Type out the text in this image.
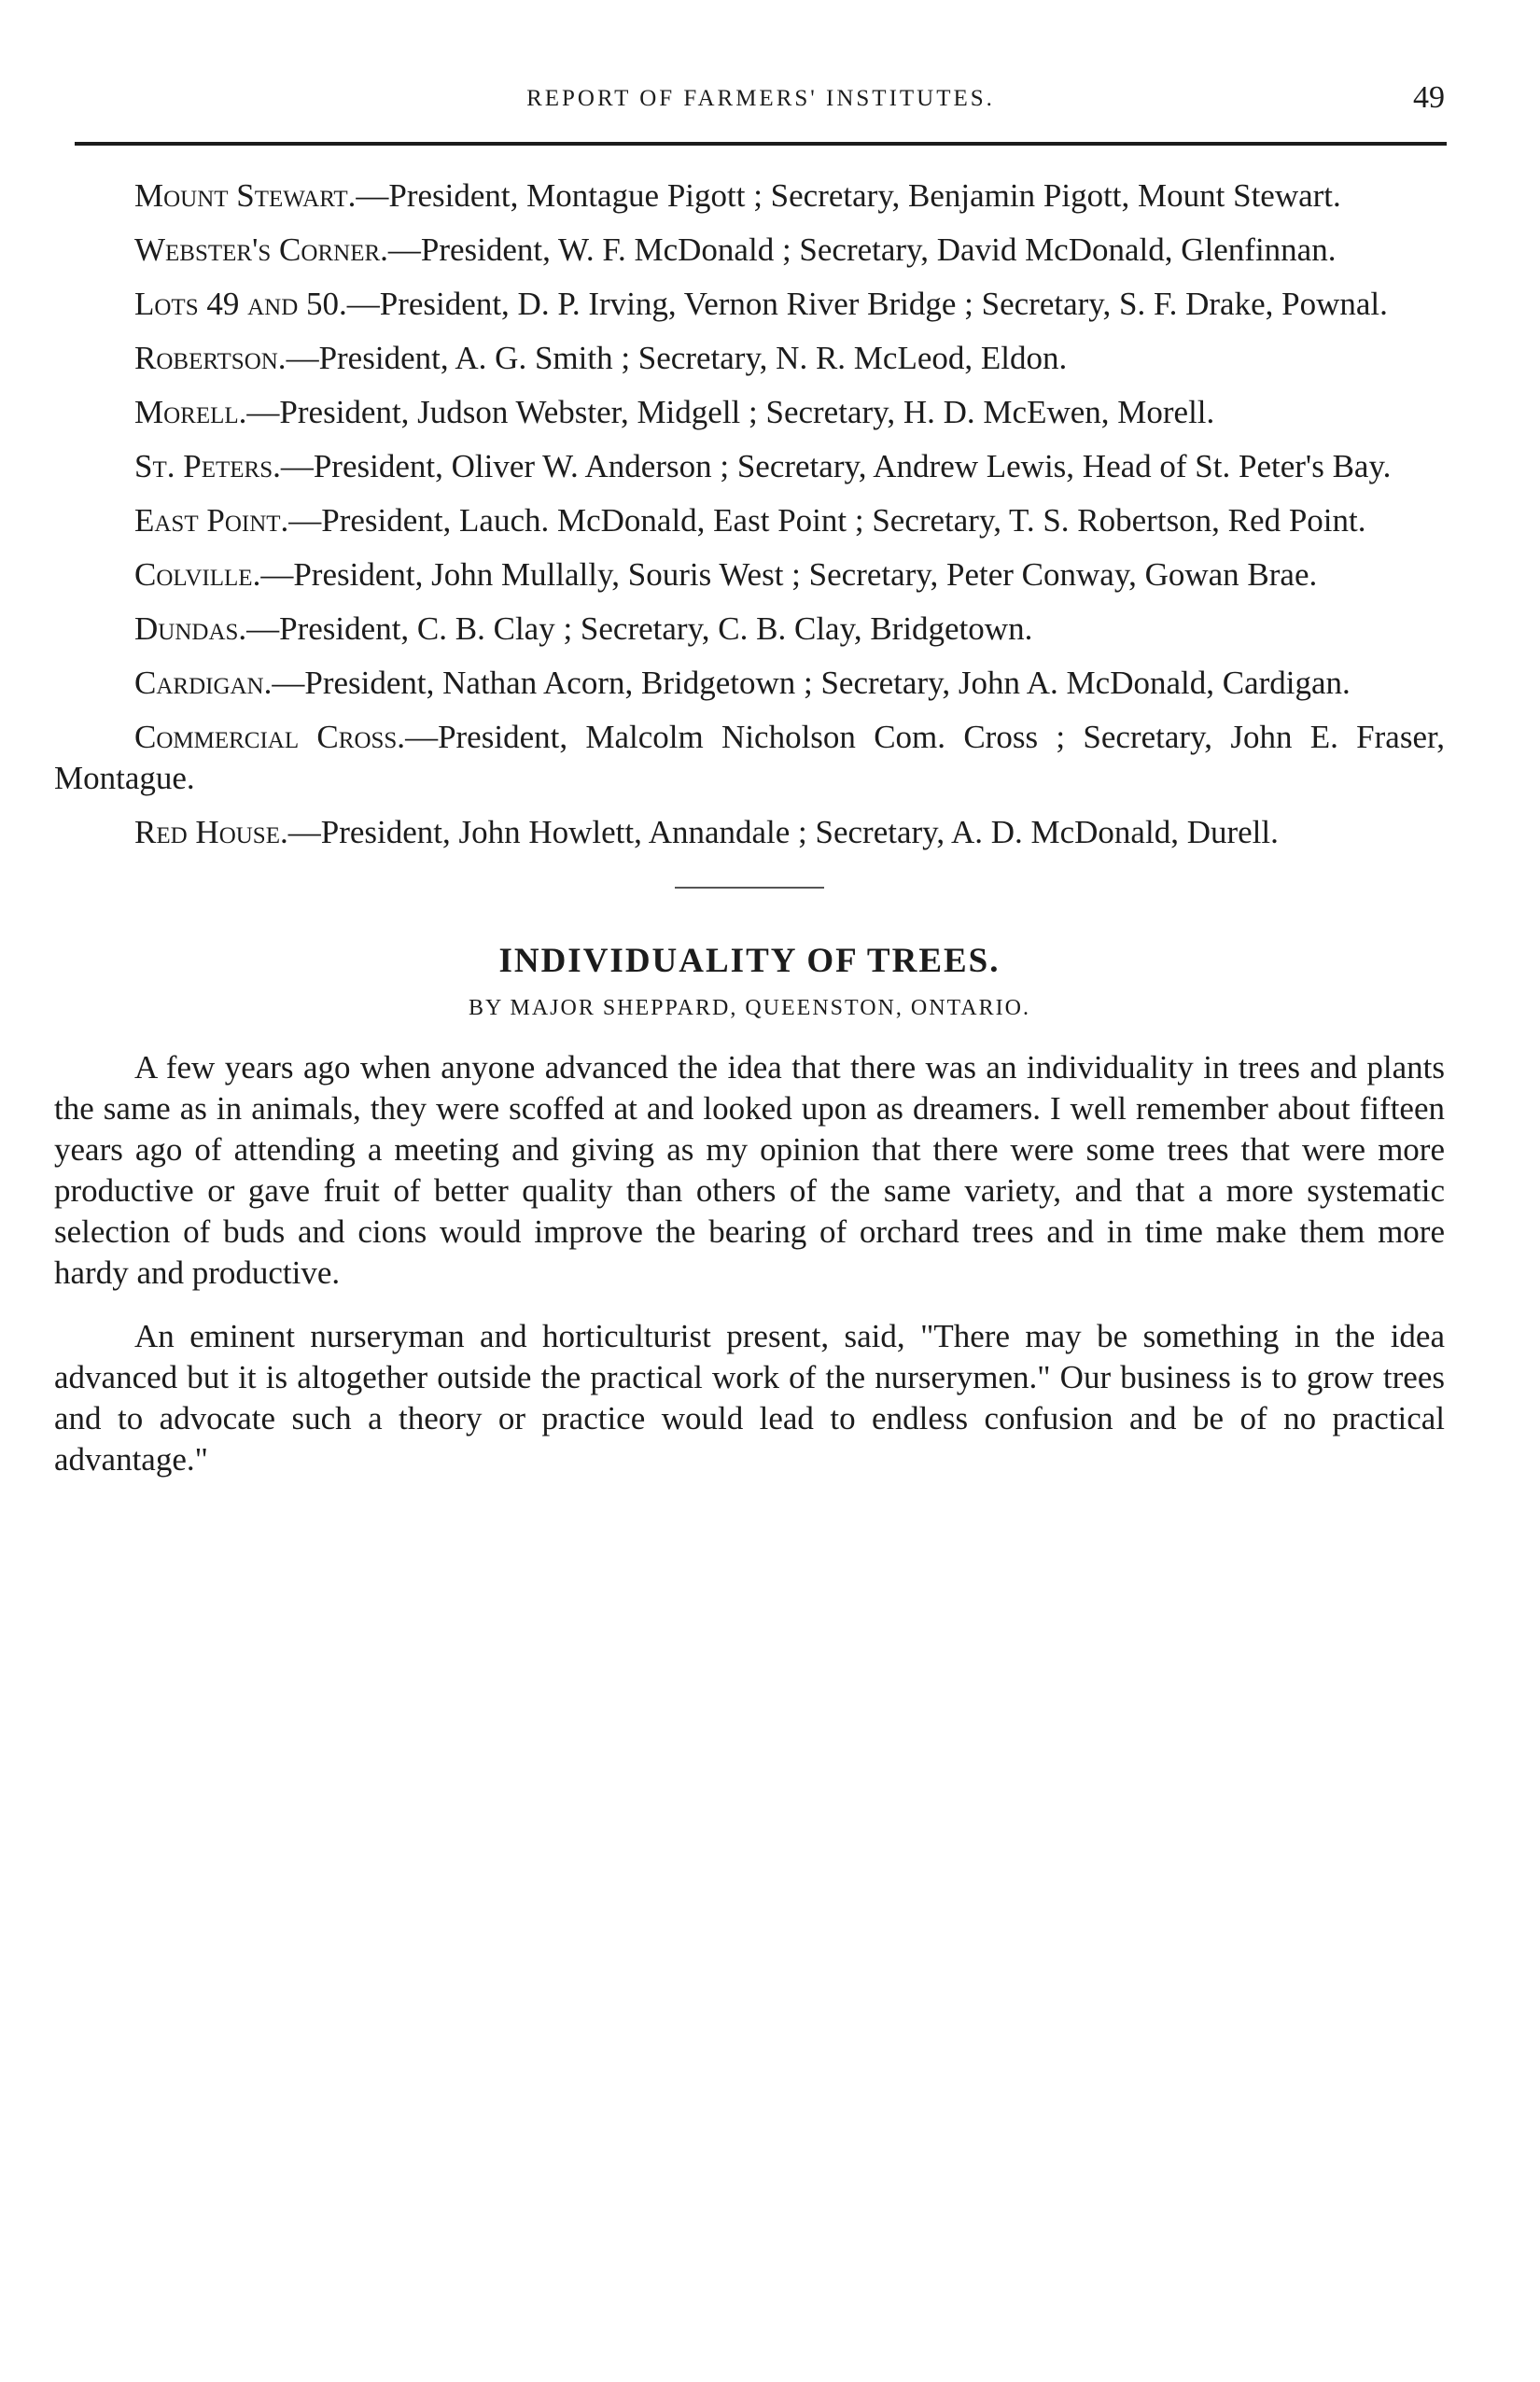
REPORT OF FARMERS' INSTITUTES.	49

Mount Stewart.—President, Montague Pigott ; Secretary, Benjamin Pigott, Mount Stewart.

Webster's Corner.—President, W. F. McDonald ; Secretary, David McDonald, Glenfinnan.

Lots 49 and 50.—President, D. P. Irving, Vernon River Bridge ; Secretary, S. F. Drake, Pownal.

Robertson.—President, A. G. Smith ; Secretary, N. R. McLeod, Eldon.

Morell.—President, Judson Webster, Midgell ; Secretary, H. D. McEwen, Morell.

St. Peters.—President, Oliver W. Anderson ; Secretary, Andrew Lewis, Head of St. Peter's Bay.

East Point.—President, Lauch. McDonald, East Point ; Secretary, T. S. Robertson, Red Point.

Colville.—President, John Mullally, Souris West ; Secretary, Peter Conway, Gowan Brae.

Dundas.—President, C. B. Clay ; Secretary, C. B. Clay, Bridgetown.

Cardigan.—President, Nathan Acorn, Bridgetown ; Secretary, John A. McDonald, Cardigan.

Commercial Cross.—President, Malcolm Nicholson Com. Cross ; Secretary, John E. Fraser, Montague.

Red House.—President, John Howlett, Annandale ; Secretary, A. D. McDonald, Durell.

INDIVIDUALITY OF TREES.
BY MAJOR SHEPPARD, QUEENSTON, ONTARIO.

A few years ago when anyone advanced the idea that there was an individuality in trees and plants the same as in animals, they were scoffed at and looked upon as dreamers. I well remember about fifteen years ago of attending a meeting and giving as my opinion that there were some trees that were more productive or gave fruit of better quality than others of the same variety, and that a more systematic selection of buds and cions would improve the bearing of orchard trees and in time make them more hardy and productive.

An eminent nurseryman and horticulturist present, said, "There may be something in the idea advanced but it is altogether outside the practical work of the nurserymen." Our business is to grow trees and to advocate such a theory or practice would lead to endless confusion and be of no practical advantage."
